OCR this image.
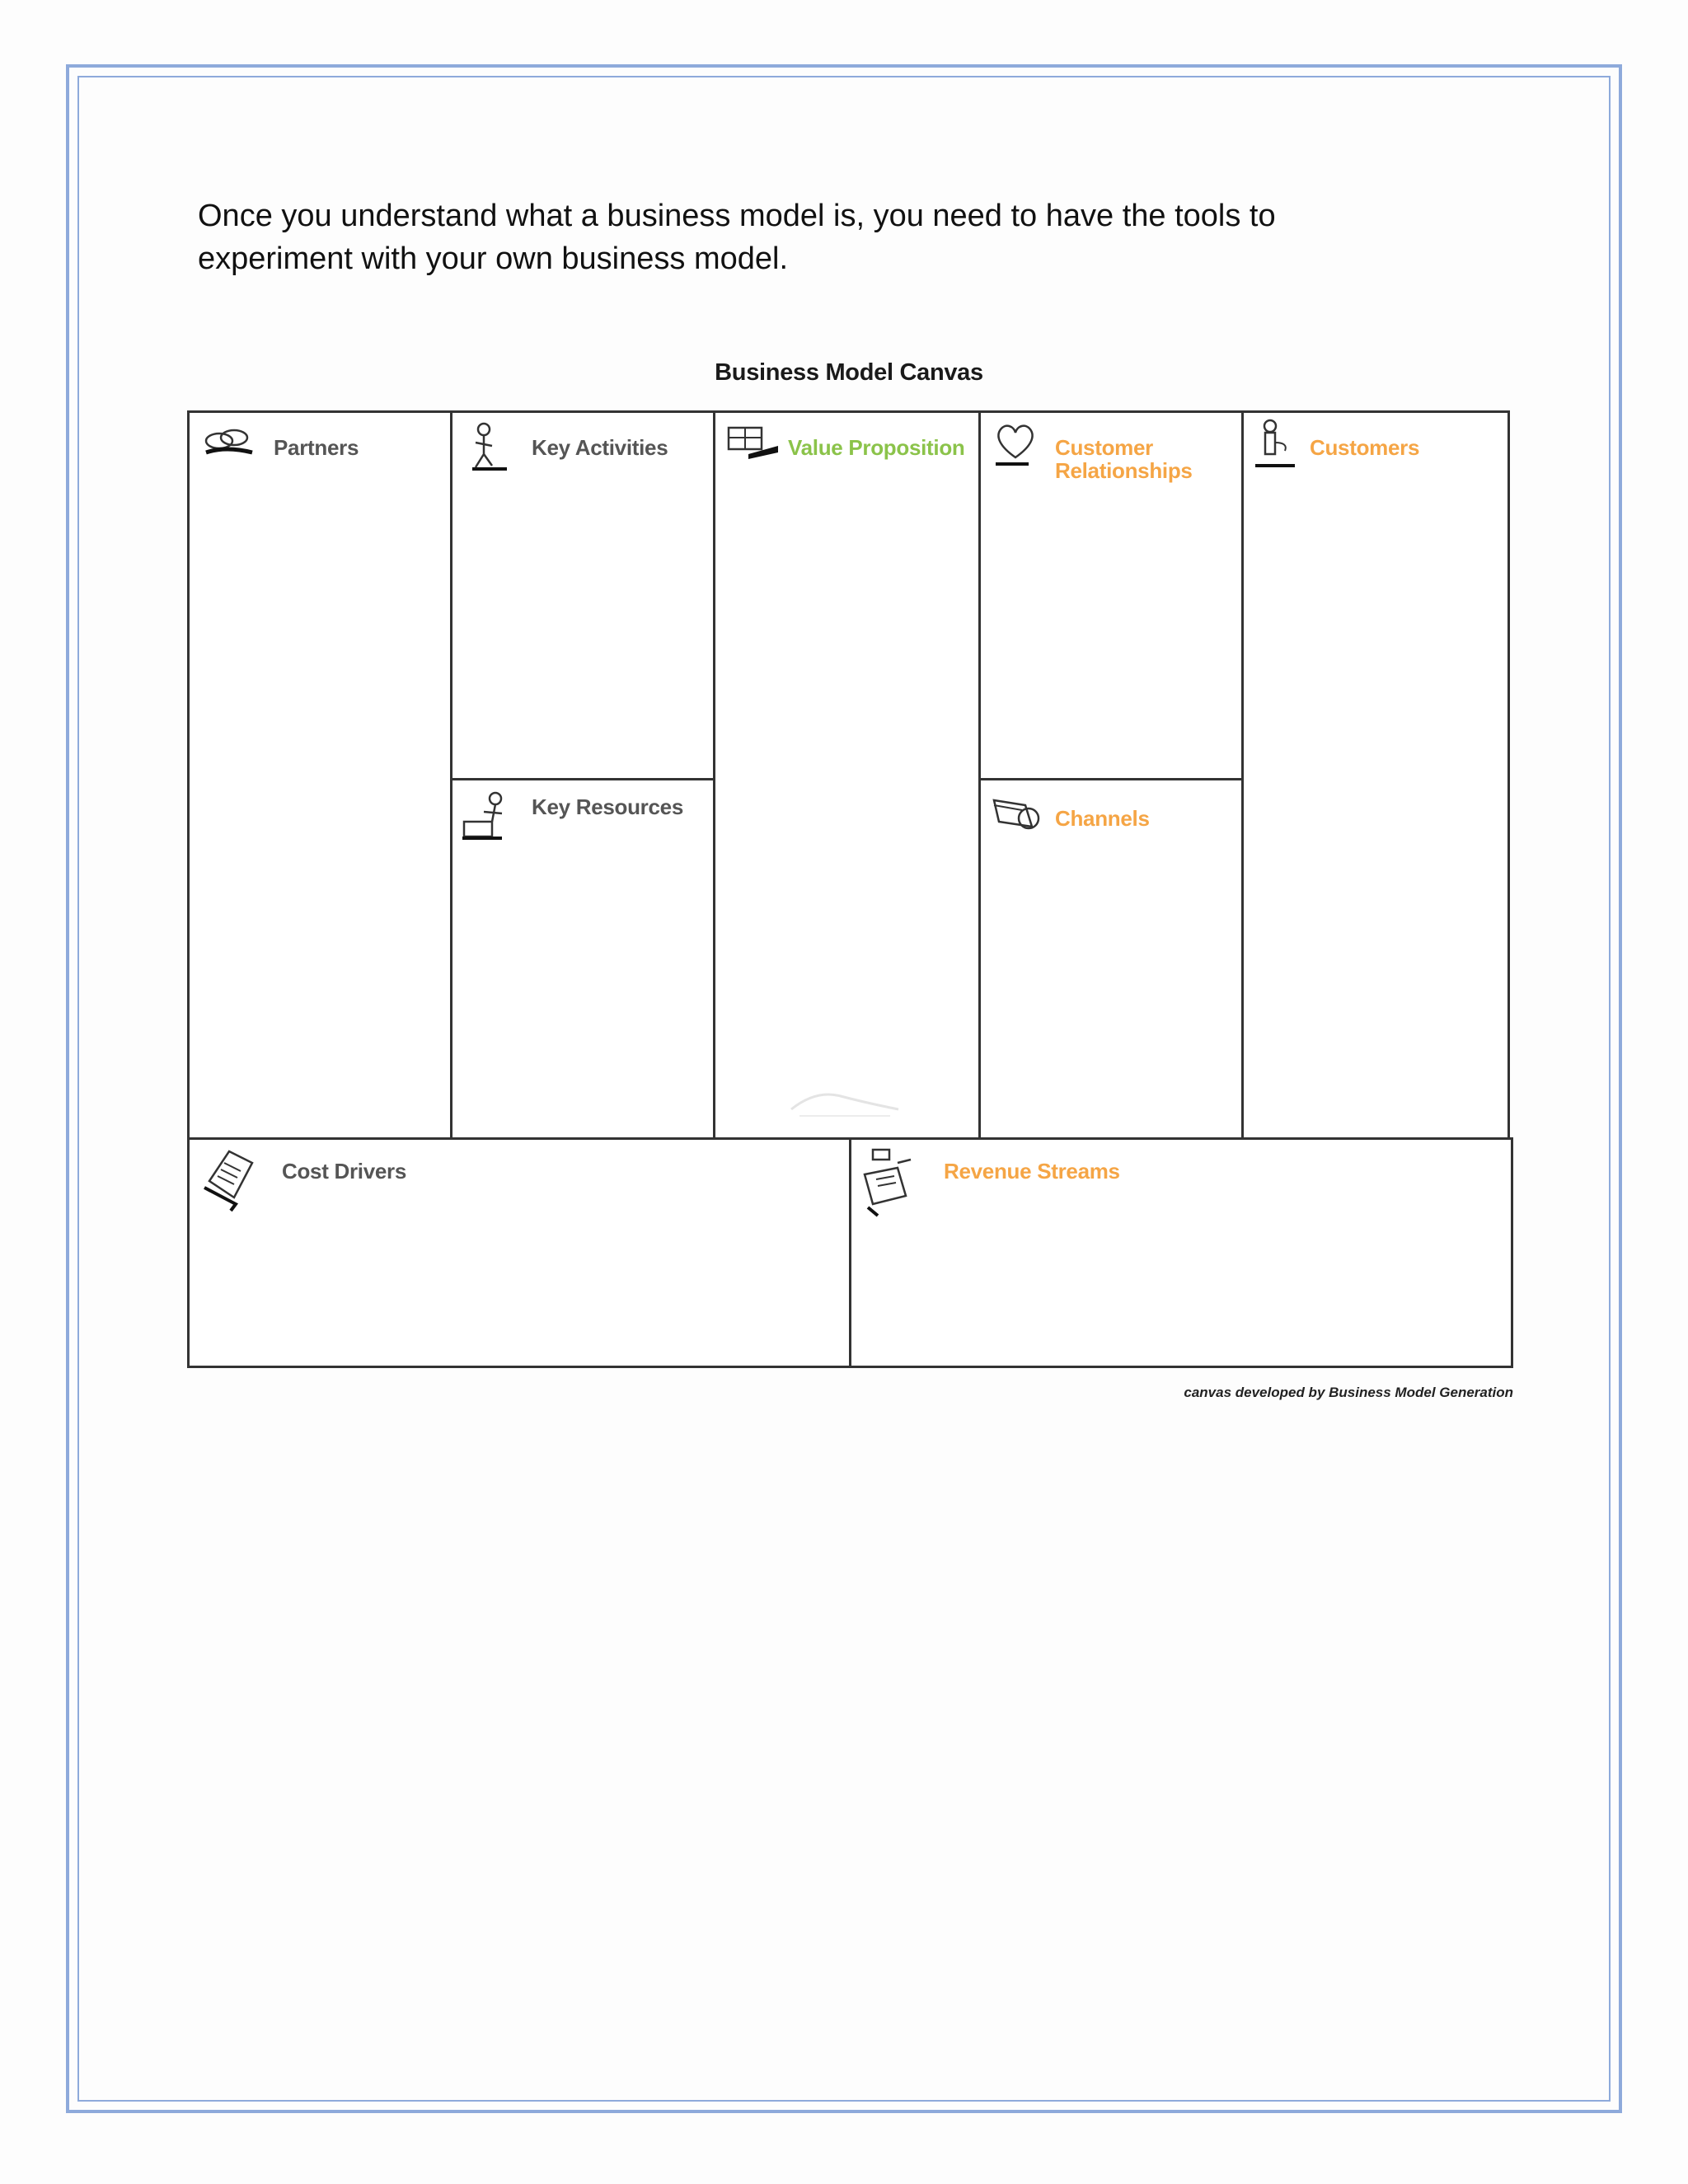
Once you understand what a business model is, you need to have the tools to experiment with your own business model.

Business Model Canvas
Partners	Key Activities
Key Resources
Value Proposition	Customer
Relationships
Channels
Customers
Cost Drivers	Revenue Streams
canvas developed by Business Model Generation
